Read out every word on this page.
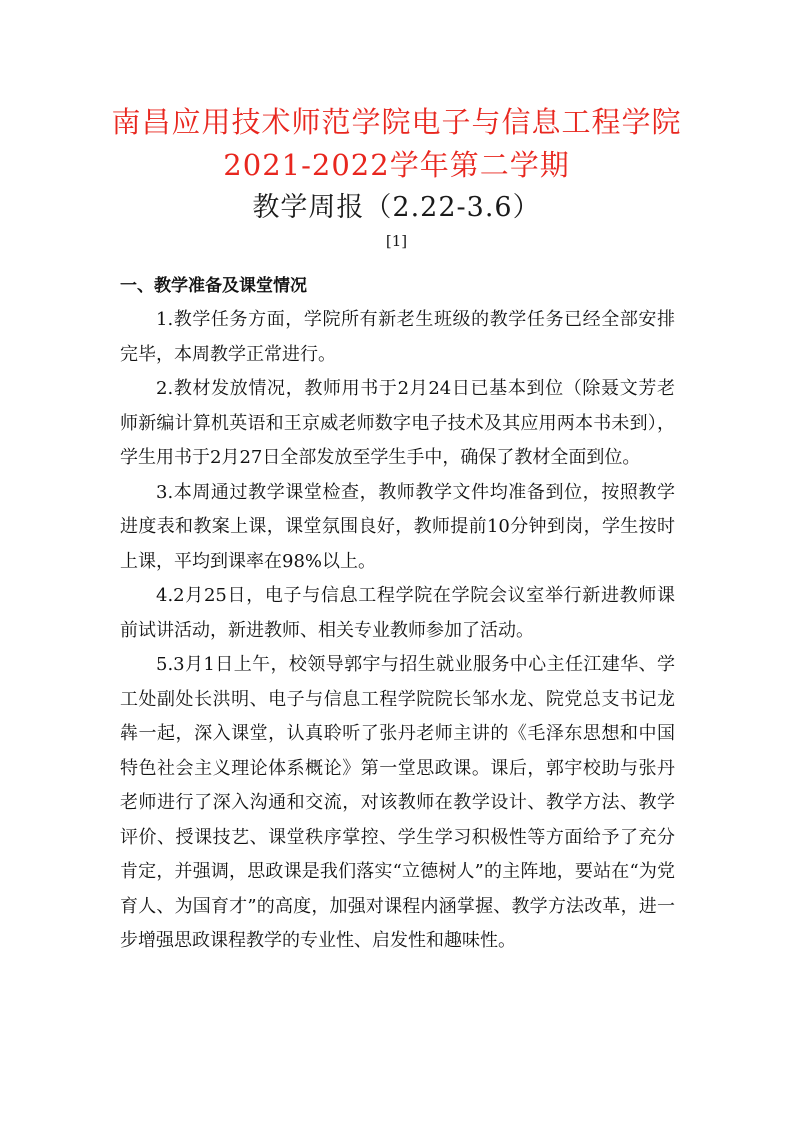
南昌应用技术师范学院电子与信息工程学院
2021-2022学年第二学期
教学周报（2.22-3.6）
[1]
一、教学准备及课堂情况

1.教学任务方面，学院所有新老生班级的教学任务已经全部安排完毕，本周教学正常进行。

2.教材发放情况，教师用书于2月24日已基本到位（除聂文芳老师新编计算机英语和王京威老师数字电子技术及其应用两本书未到），学生用书于2月27日全部发放至学生手中，确保了教材全面到位。

3.本周通过教学课堂检查，教师教学文件均准备到位，按照教学进度表和教案上课，课堂氛围良好，教师提前10分钟到岗，学生按时上课，平均到课率在98%以上。

4.2月25日，电子与信息工程学院在学院会议室举行新进教师课前试讲活动，新进教师、相关专业教师参加了活动。

5.3月1日上午，校领导郭宇与招生就业服务中心主任江建华、学工处副处长洪明、电子与信息工程学院院长邹水龙、院党总支书记龙犇一起，深入课堂，认真聆听了张丹老师主讲的《毛泽东思想和中国特色社会主义理论体系概论》第一堂思政课。课后，郭宇校助与张丹老师进行了深入沟通和交流，对该教师在教学设计、教学方法、教学评价、授课技艺、课堂秩序掌控、学生学习积极性等方面给予了充分肯定，并强调，思政课是我们落实“立德树人”的主阵地，要站在“为党育人、为国育才”的高度，加强对课程内涵掌握、教学方法改革，进一步增强思政课程教学的专业性、启发性和趣味性。
